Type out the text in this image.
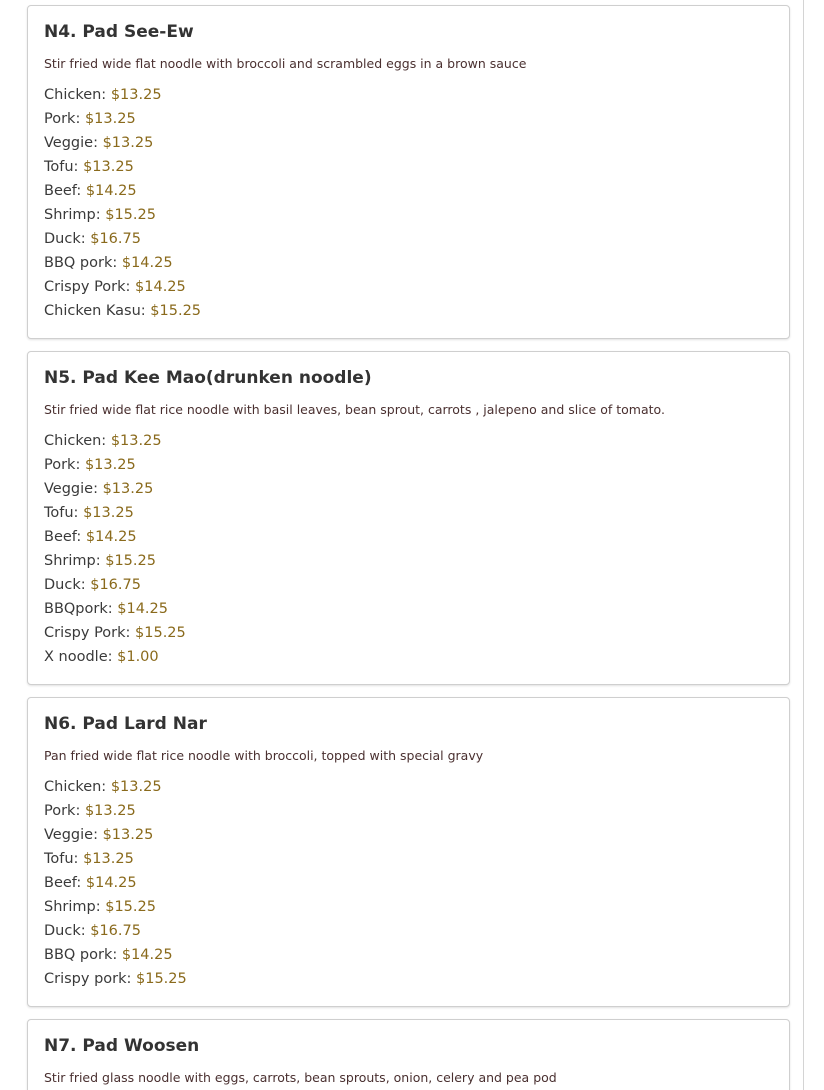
N4. Pad See-Ew

Stir fried wide flat noodle with broccoli and scrambled eggs in a brown sauce

Chicken: $13.25
Pork: $13.25
Veggie: $13.25
Tofu: $13.25
Beef: $14.25
Shrimp: $15.25
Duck: $16.75
BBQ pork: $14.25
Crispy Pork: $14.25
Chicken Kasu: $15.25
N5. Pad Kee Mao(drunken noodle)

Stir fried wide flat rice noodle with basil leaves, bean sprout, carrots , jalepeno and slice of tomato.

Chicken: $13.25
Pork: $13.25
Veggie: $13.25
Tofu: $13.25
Beef: $14.25
Shrimp: $15.25
Duck: $16.75
BBQpork: $14.25
Crispy Pork: $15.25
X noodle: $1.00
N6. Pad Lard Nar

Pan fried wide flat rice noodle with broccoli, topped with special gravy

Chicken: $13.25
Pork: $13.25
Veggie: $13.25
Tofu: $13.25
Beef: $14.25
Shrimp: $15.25
Duck: $16.75
BBQ pork: $14.25
Crispy pork: $15.25
N7. Pad Woosen

Stir fried glass noodle with eggs, carrots, bean sprouts, onion, celery and pea pod
